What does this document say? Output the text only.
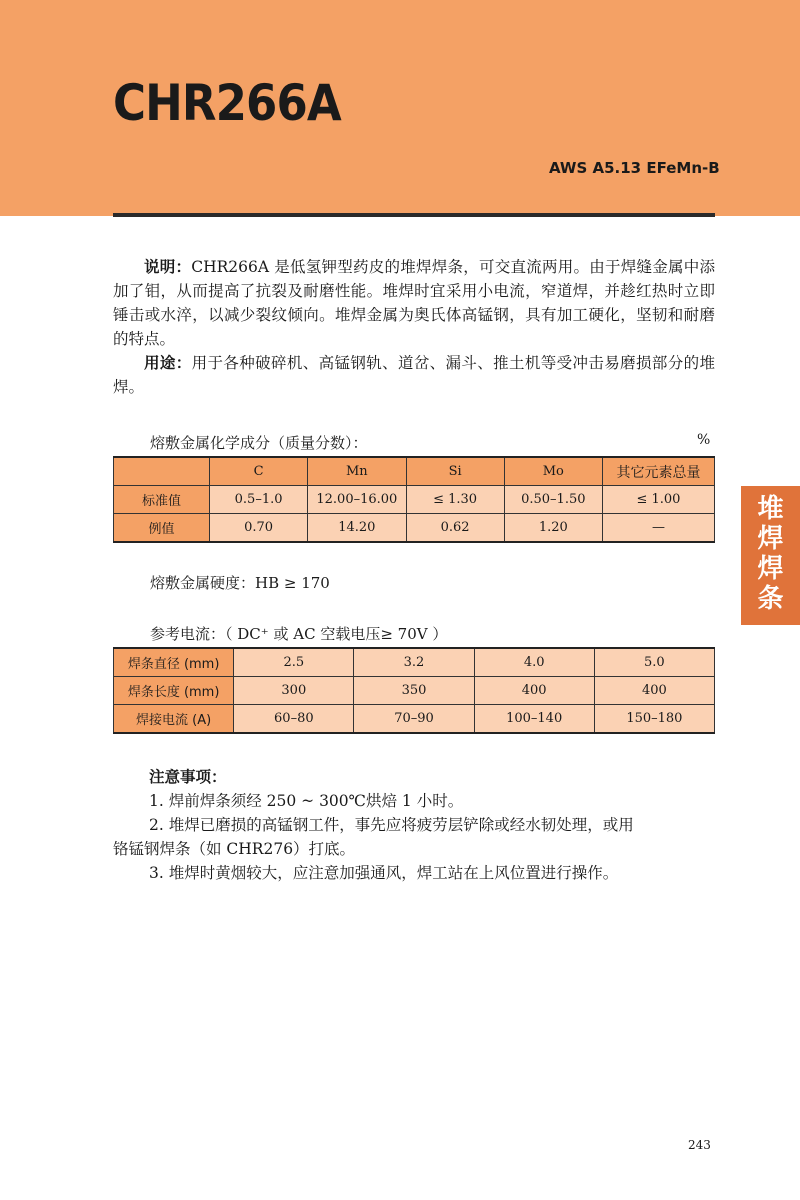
CHR266A
AWS A5.13 EFeMn-B
堆
焊
焊
条

说明：CHR266A 是低氢钾型药皮的堆焊焊条，可交直流两用。由于焊缝金属中添加了钼，从而提高了抗裂及耐磨性能。堆焊时宜采用小电流，窄道焊，并趁红热时立即锤击或水淬，以减少裂纹倾向。堆焊金属为奥氏体高锰钢，具有加工硬化，坚韧和耐磨的特点。

用途：用于各种破碎机、高锰钢轨、道岔、漏斗、推土机等受冲击易磨损部分的堆焊。

熔敷金属化学成分（质量分数）：	%
	C	Mn	Si	Mo	其它元素总量
标准值	0.5–1.0	12.00–16.00	≤ 1.30	0.50–1.50	≤ 1.00
例值	0.70	14.20	0.62	1.20	—
熔敷金属硬度：HB ≥ 170
参考电流：（ DC⁺ 或 AC 空载电压≥ 70V ）
焊条直径 (mm)	2.5	3.2	4.0	5.0
焊条长度 (mm)	300	350	400	400
焊接电流 (A)	60–80	70–90	100–140	150–180

注意事项：

1. 焊前焊条须经 250 ~ 300℃烘焙 1 小时。

2. 堆焊已磨损的高锰钢工件，事先应将疲劳层铲除或经水韧处理，或用

铬锰钢焊条（如 CHR276）打底。

3. 堆焊时黄烟较大，应注意加强通风，焊工站在上风位置进行操作。

243
